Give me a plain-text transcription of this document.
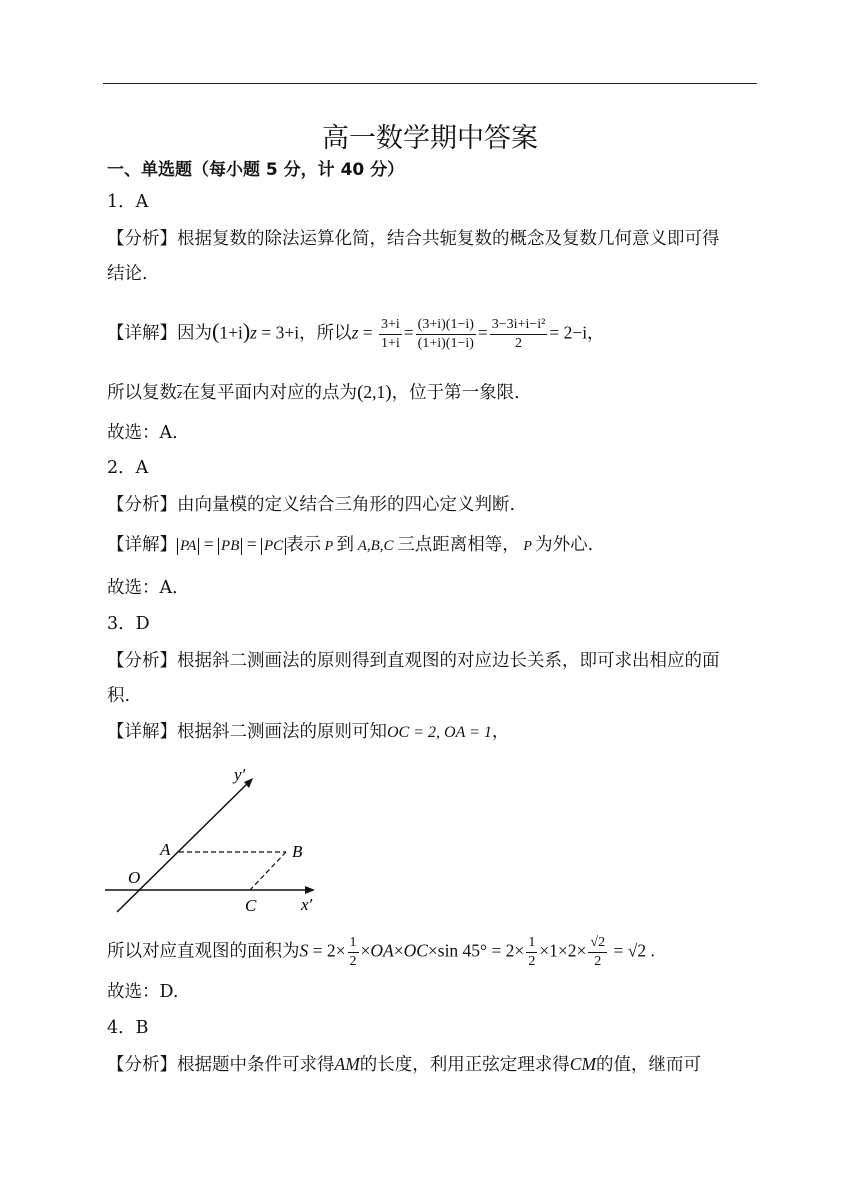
高一数学期中答案
一、单选题（每小题 5 分，计 40 分）
1．A
【分析】根据复数的除法运算化简，结合共轭复数的概念及复数几何意义即可得
结论.
【详解】因为(1+i)z = 3+i，所以$z = \frac{3+i}{1+i} = \frac{(3+i)(1-i)}{(1+i)(1-i)} = \frac{\text{3−3i+i−i²}}{2} = 2-i$，
所以复数$\overline{z}$在复平面内对应的点为(2,1)，位于第一象限.
故选：A.
2．A
【分析】由向量模的定义结合三角形的四心定义判断.
【详解】 PA = PB = PC 表示 P 到 A,B,C 三点距离相等， P 为外心.
故选：A．
3．D
【分析】根据斜二测画法的原则得到直观图的对应边长关系，即可求出相应的面
积.
【详解】根据斜二测画法的原则可知OC = 2, OA = 1，
y′
x′
O
A	B
C
所以对应直观图的面积为$S = 2\times \frac{1}{2} \times OA\times OC\times\sin$ $45^\circ = 2\times \frac{1}{2} \times 1\times 2\times \frac{√2}{2} = √2$ .
故选：D.
4．B
【分析】根据题中条件可求得AM的长度，利用正弦定理求得CM的值，继而可
